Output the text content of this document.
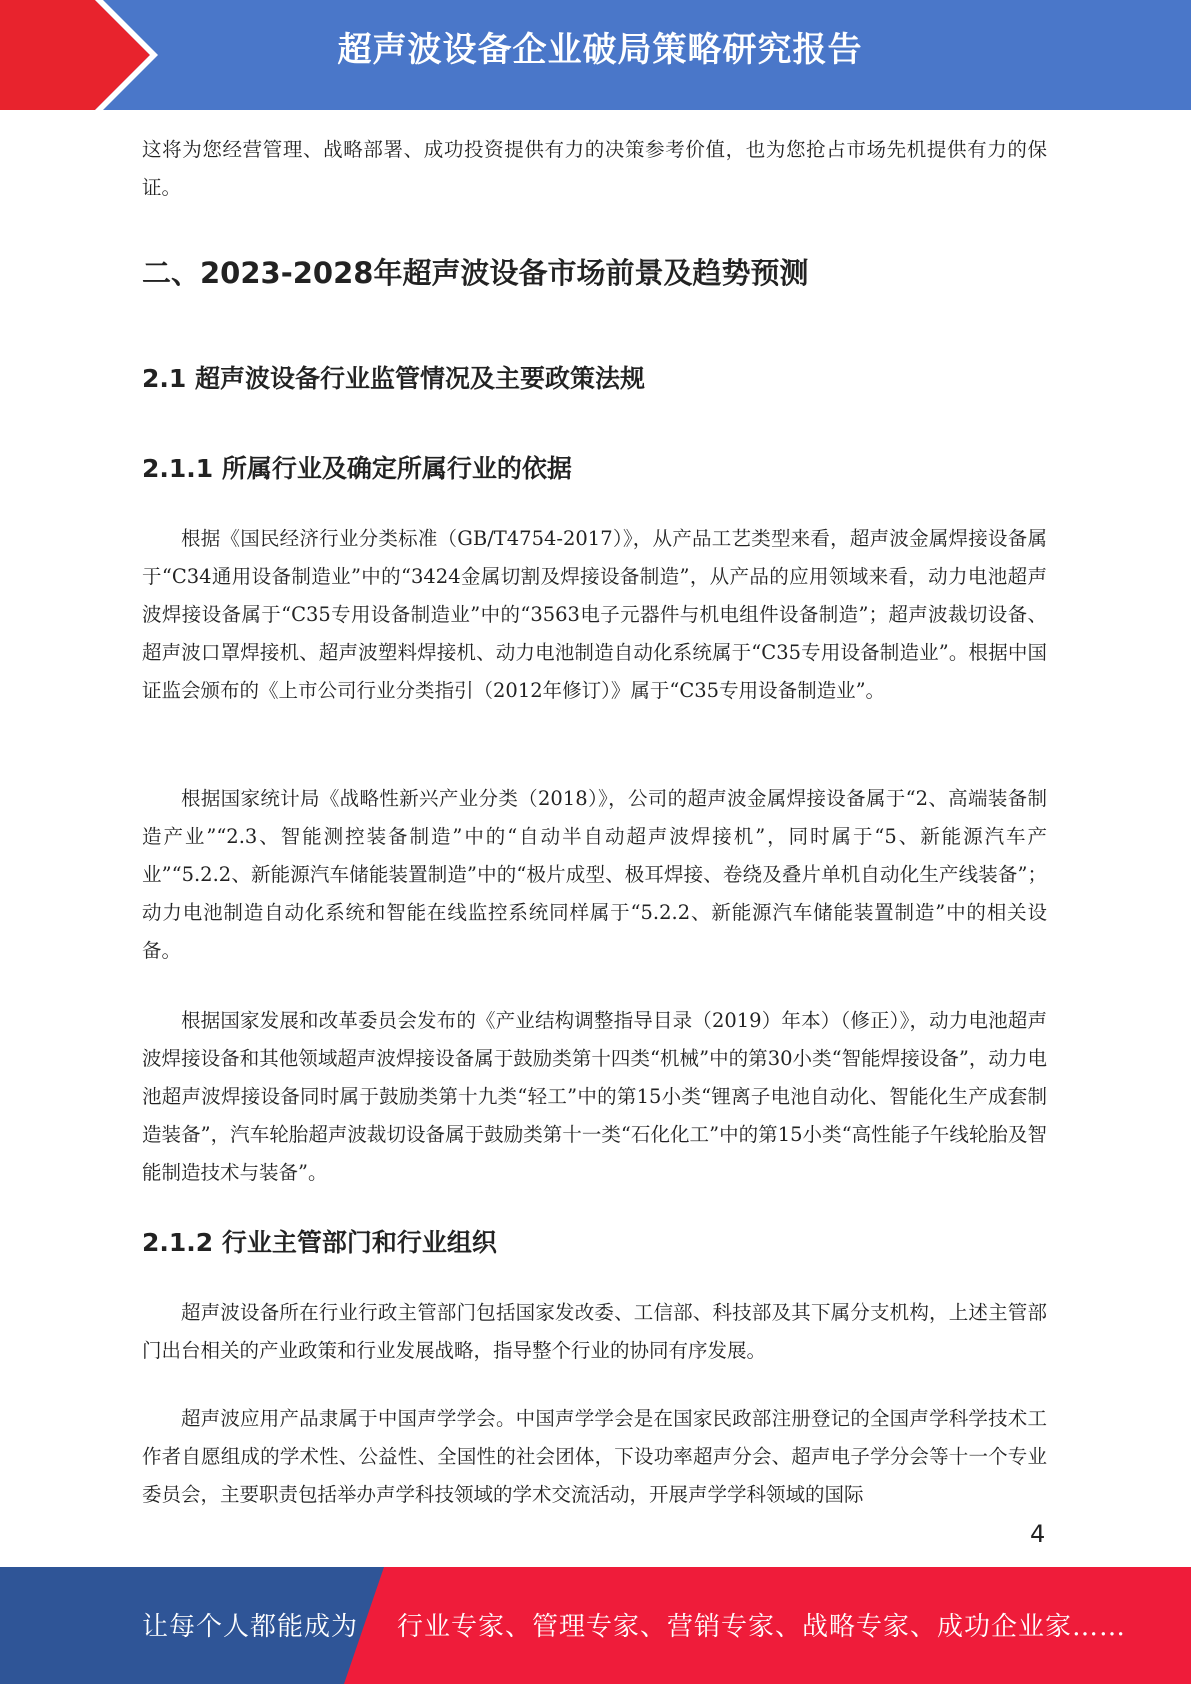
超声波设备企业破局策略研究报告

这将为您经营管理、战略部署、成功投资提供有力的决策参考价值，也为您抢占市场先机提供有力的保证。

二、2023-2028年超声波设备市场前景及趋势预测
2.1 超声波设备行业监管情况及主要政策法规
2.1.1 所属行业及确定所属行业的依据

根据《国民经济行业分类标准（GB/T4754-2017）》，从产品工艺类型来看，超声波金属焊接设备属于“C34通用设备制造业”中的“3424金属切割及焊接设备制造”，从产品的应用领域来看，动力电池超声波焊接设备属于“C35专用设备制造业”中的“3563电子元器件与机电组件设备制造”；超声波裁切设备、超声波口罩焊接机、超声波塑料焊接机、动力电池制造自动化系统属于“C35专用设备制造业”。根据中国证监会颁布的《上市公司行业分类指引（2012年修订）》属于“C35专用设备制造业”。

根据国家统计局《战略性新兴产业分类（2018）》，公司的超声波金属焊接设备属于“2、高端装备制造产业”“2.3、智能测控装备制造”中的“自动半自动超声波焊接机”，同时属于“5、新能源汽车产业”“5.2.2、新能源汽车储能装置制造”中的“极片成型、极耳焊接、卷绕及叠片单机自动化生产线装备”；动力电池制造自动化系统和智能在线监控系统同样属于“5.2.2、新能源汽车储能装置制造”中的相关设备。

根据国家发展和改革委员会发布的《产业结构调整指导目录（2019）年本）（修正）》，动力电池超声波焊接设备和其他领域超声波焊接设备属于鼓励类第十四类“机械”中的第30小类“智能焊接设备”，动力电池超声波焊接设备同时属于鼓励类第十九类“轻工”中的第15小类“锂离子电池自动化、智能化生产成套制造装备”，汽车轮胎超声波裁切设备属于鼓励类第十一类“石化化工”中的第15小类“高性能子午线轮胎及智能制造技术与装备”。

2.1.2 行业主管部门和行业组织

超声波设备所在行业行政主管部门包括国家发改委、工信部、科技部及其下属分支机构，上述主管部门出台相关的产业政策和行业发展战略，指导整个行业的协同有序发展。

超声波应用产品隶属于中国声学学会。中国声学学会是在国家民政部注册登记的全国声学科学技术工作者自愿组成的学术性、公益性、全国性的社会团体，下设功率超声分会、超声电子学分会等十一个专业委员会，主要职责包括举办声学科技领域的学术交流活动，开展声学学科领域的国际

4
让每个人都能成为 行业专家、管理专家、营销专家、战略专家、成功企业家……
